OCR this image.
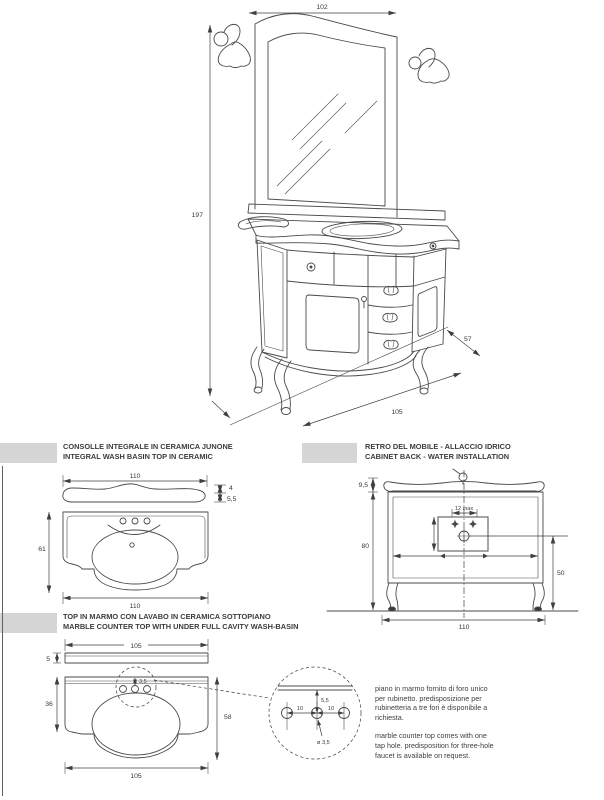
102
197
57
105
CONSOLLE INTEGRALE IN CERAMICA JUNONE
INTEGRAL WASH BASIN TOP IN CERAMIC
RETRO DEL MOBILE - ALLACCIO IDRICO
CABINET BACK - WATER INSTALLATION
TOP IN MARMO CON LAVABO IN CERAMICA SOTTOPIANO
MARBLE COUNTER TOP WITH UNDER FULL CAVITY WASH-BASIN
110
4
5,5
61
110
9,5
12 max
80
50
110
105
5
3,5
36
58
105
5,5
10	10
ø 3,5
piano in marmo fornito di foro unico
per rubinetto. predisposizione per
rubinetteria a tre fori è disponibile a
richiesta.
marble counter top comes with one
tap hole. predisposition for three-hole
faucet is available on request.
